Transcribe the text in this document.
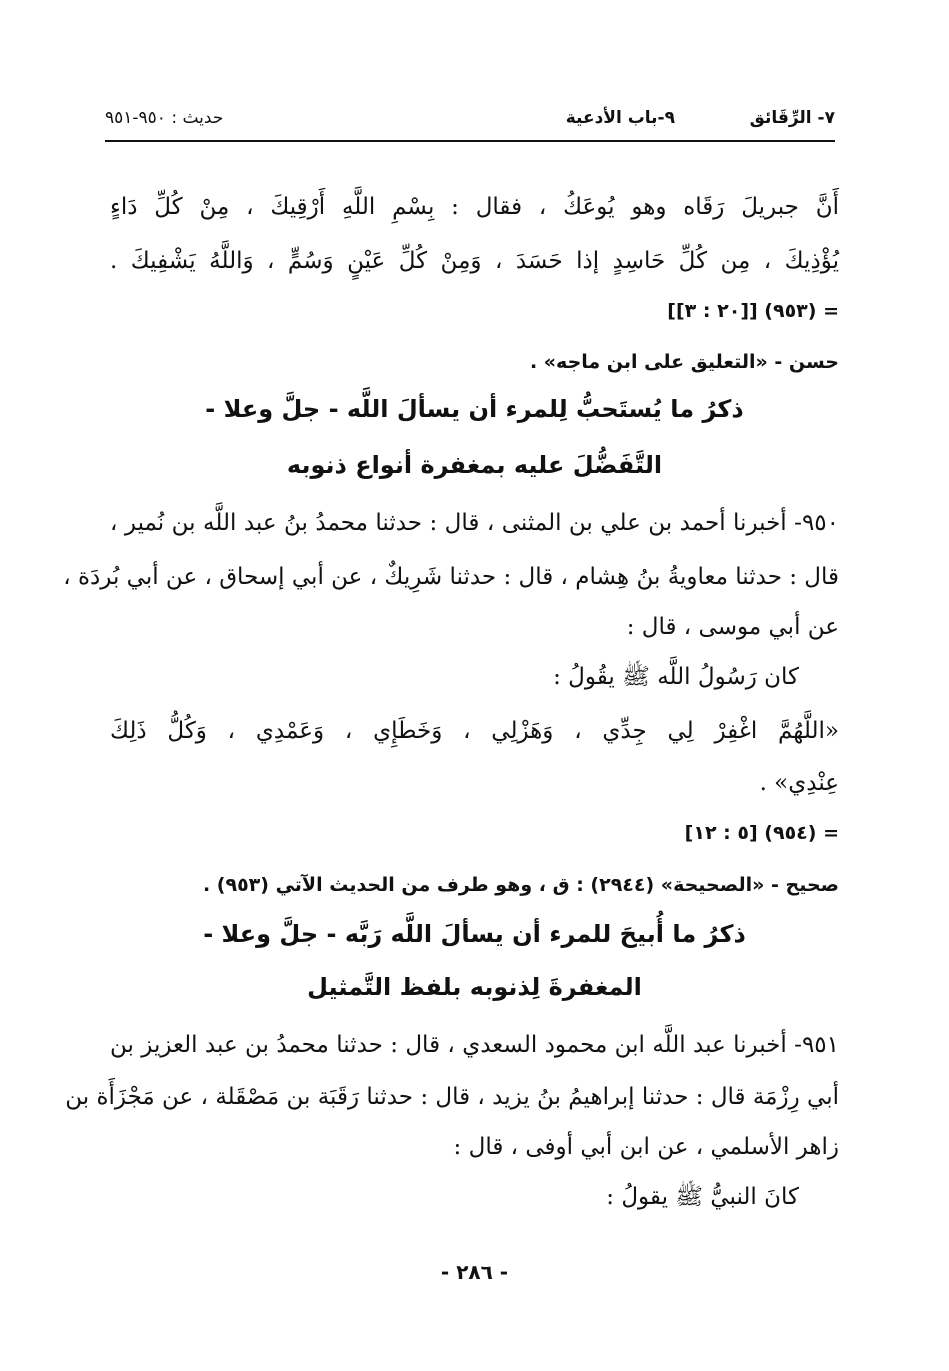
٧- الرِّقَائق
٩-باب الأدعية
حديث : ٩٥٠-٩٥١
أَنَّ جبريلَ رَقَاه وهو يُوعَكُ ، فقال : بِسْمِ اللَّهِ أَرْقِيكَ ، مِنْ كُلِّ دَاءٍ
يُؤْذِيكَ ، مِن كُلِّ حَاسِدٍ إذا حَسَدَ ، وَمِنْ كُلِّ عَيْنٍ وَسُمٍّ ، وَاللَّهُ يَشْفِيكَ .
= (٩٥٣) [[٢٠ : ٣]]
حسن - «التعليق على ابن ماجه» .
ذكرُ ما يُستَحبُّ لِلمرء أن يسألَ اللَّه - جلَّ وعلا -
التَّفَضُّلَ عليه بمغفرة أنواع ذنوبه
٩٥٠- أخبرنا أحمد بن علي بن المثنى ، قال : حدثنا محمدُ بنُ عبد اللَّه بن نُمير ،
قال : حدثنا معاويةُ بنُ هِشام ، قال : حدثنا شَرِيكٌ ، عن أبي إسحاق ، عن أبي بُردَة ،
عن أبي موسى ، قال :
كان رَسُولُ اللَّه ﷺ يقُولُ :
«اللَّهُمَّ اغْفِرْ لِي جِدِّي ، وَهَزْلِي ، وَخَطَإِي ، وَعَمْدِي ، وَكُلُّ ذَلِكَ
عِنْدِي» .
= (٩٥٤) [٥ : ١٢]
صحيح - «الصحيحة» (٢٩٤٤) : ق ، وهو طرف من الحديث الآتي (٩٥٣) .
ذكرُ ما أُبيحَ للمرء أن يسألَ اللَّه رَبَّه - جلَّ وعلا -
المغفرةَ لِذنوبه بلفظ التَّمثيل
٩٥١- أخبرنا عبد اللَّه ابن محمود السعدي ، قال : حدثنا محمدُ بن عبد العزيز بن
أبي رِزْمَة قال : حدثنا إبراهيمُ بنُ يزيد ، قال : حدثنا رَقَبَة بن مَصْقَلة ، عن مَجْزَأَة بن
زاهر الأسلمي ، عن ابن أبي أوفى ، قال :
كانَ النبيُّ ﷺ يقولُ :
- ٢٨٦ -
